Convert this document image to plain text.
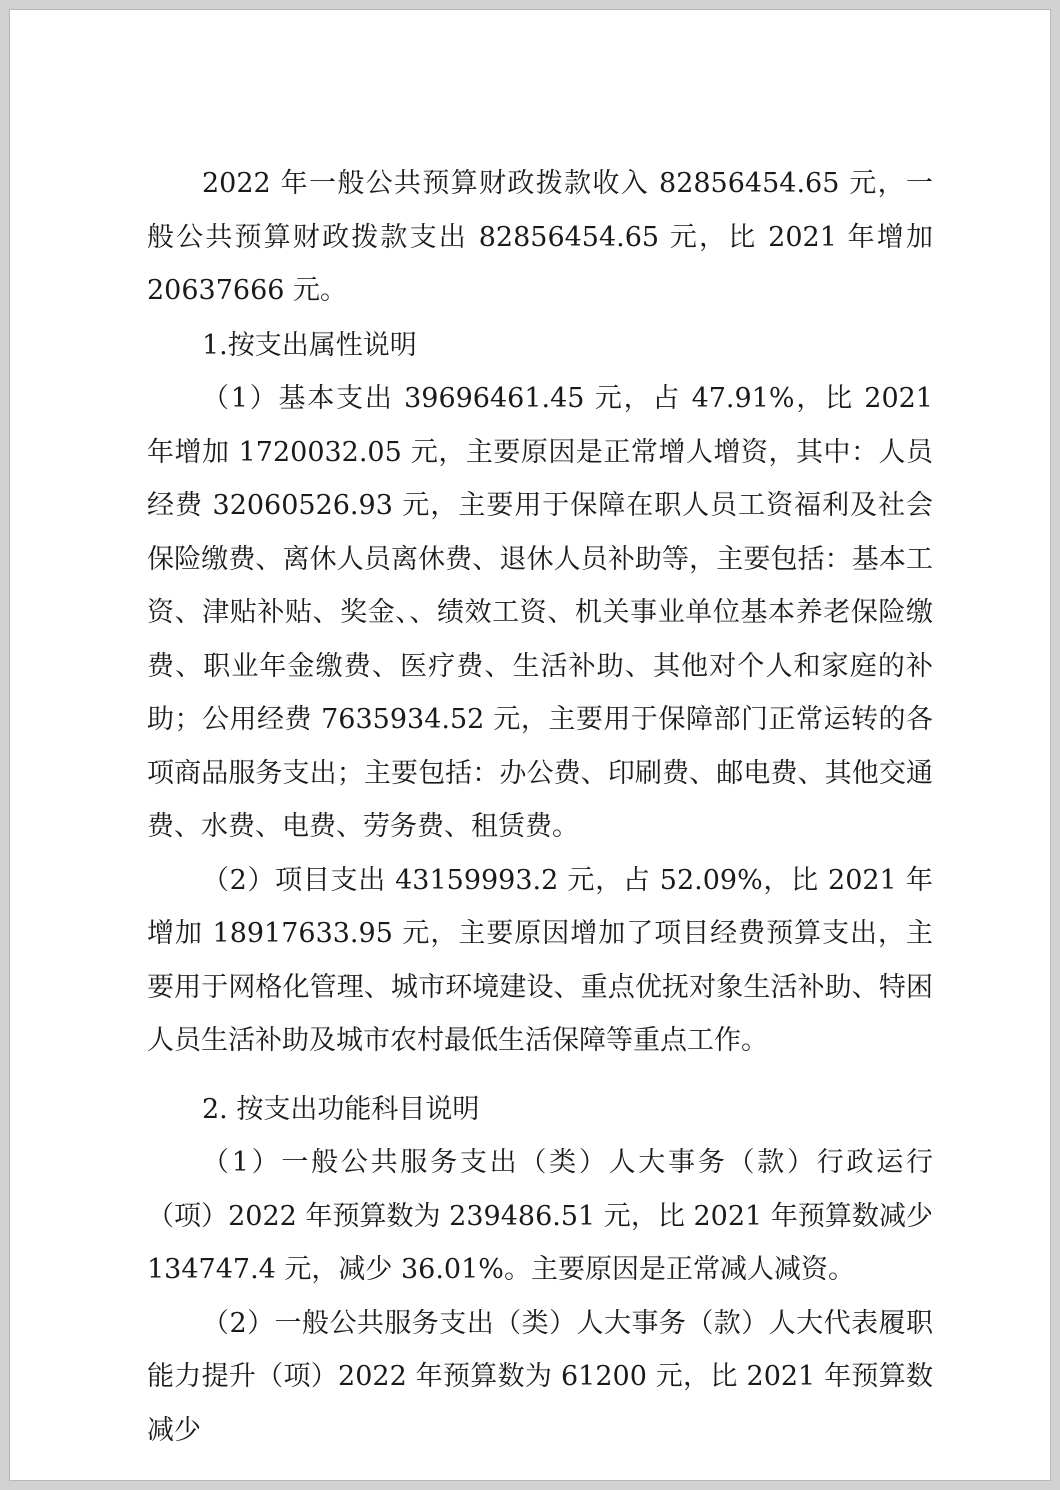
2022 年一般公共预算财政拨款收入 82856454.65 元，一般公共预算财政拨款支出 82856454.65 元，比 2021 年增加 20637666 元。

1.按支出属性说明

（1）基本支出 39696461.45 元，占 47.91%，比 2021 年增加 1720032.05 元，主要原因是正常增人增资，其中：人员经费 32060526.93 元，主要用于保障在职人员工资福利及社会保险缴费、离休人员离休费、退休人员补助等，主要包括：基本工资、津贴补贴、奖金、、绩效工资、机关事业单位基本养老保险缴费、职业年金缴费、医疗费、生活补助、其他对个人和家庭的补助；公用经费 7635934.52 元，主要用于保障部门正常运转的各项商品服务支出；主要包括：办公费、印刷费、邮电费、其他交通费、水费、电费、劳务费、租赁费。

（2）项目支出 43159993.2 元，占 52.09%，比 2021 年增加 18917633.95 元，主要原因增加了项目经费预算支出，主要用于网格化管理、城市环境建设、重点优抚对象生活补助、特困人员生活补助及城市农村最低生活保障等重点工作。

2. 按支出功能科目说明

（1）一般公共服务支出（类）人大事务（款）行政运行（项）2022 年预算数为 239486.51 元，比 2021 年预算数减少 134747.4 元，减少 36.01%。主要原因是正常减人减资。

（2）一般公共服务支出（类）人大事务（款）人大代表履职能力提升（项）2022 年预算数为 61200 元，比 2021 年预算数减少
